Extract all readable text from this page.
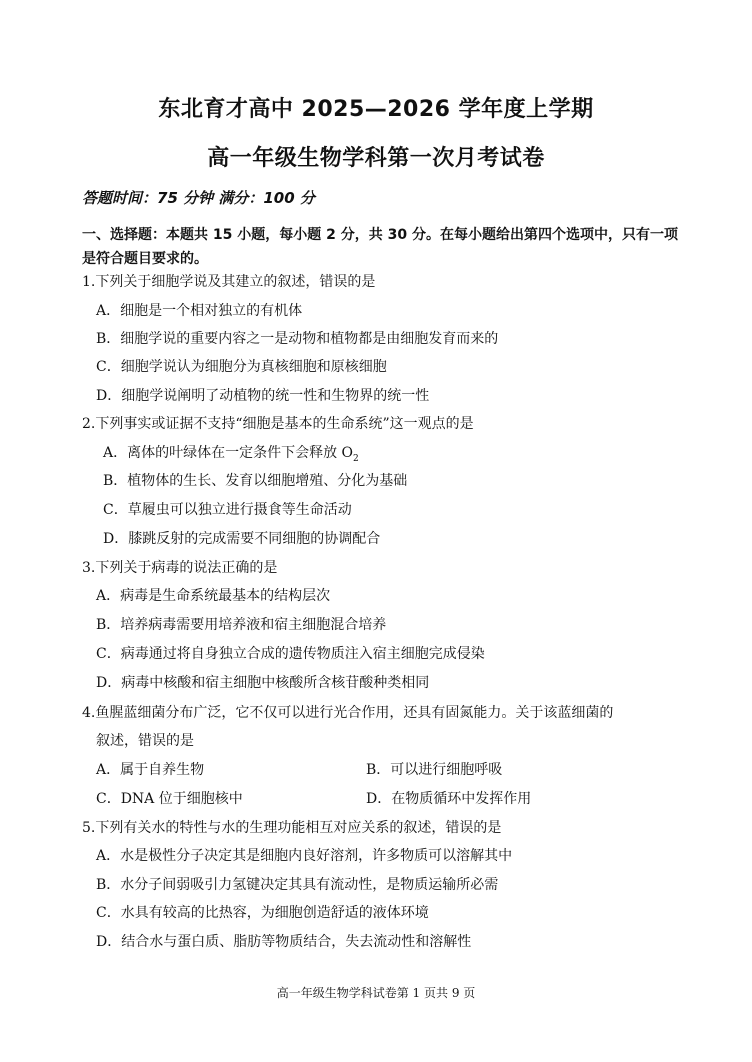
东北育才高中 2025—2026 学年度上学期
高一年级生物学科第一次月考试卷
答题时间：75 分钟 满分：100 分
一、选择题：本题共 15 小题，每小题 2 分，共 30 分。在每小题给出第四个选项中，只有一项是符合题目要求的。
1.下列关于细胞学说及其建立的叙述，错误的是
A．细胞是一个相对独立的有机体
B．细胞学说的重要内容之一是动物和植物都是由细胞发育而来的
C．细胞学说认为细胞分为真核细胞和原核细胞
D．细胞学说阐明了动植物的统一性和生物界的统一性
2.下列事实或证据不支持“细胞是基本的生命系统”这一观点的是
A．离体的叶绿体在一定条件下会释放 $O_2$
B．植物体的生长、发育以细胞增殖、分化为基础
C．草履虫可以独立进行摄食等生命活动
D．膝跳反射的完成需要不同细胞的协调配合
3.下列关于病毒的说法正确的是
A．病毒是生命系统最基本的结构层次
B．培养病毒需要用培养液和宿主细胞混合培养
C．病毒通过将自身独立合成的遗传物质注入宿主细胞完成侵染
D．病毒中核酸和宿主细胞中核酸所含核苷酸种类相同
4.鱼腥蓝细菌分布广泛，它不仅可以进行光合作用，还具有固氮能力。关于该蓝细菌的
叙述，错误的是
A．属于自养生物	B．可以进行细胞呼吸
C．DNA 位于细胞核中	D．在物质循环中发挥作用
5.下列有关水的特性与水的生理功能相互对应关系的叙述，错误的是
A．水是极性分子决定其是细胞内良好溶剂，许多物质可以溶解其中
B．水分子间弱吸引力氢键决定其具有流动性，是物质运输所必需
C．水具有较高的比热容，为细胞创造舒适的液体环境
D．结合水与蛋白质、脂肪等物质结合，失去流动性和溶解性
高一年级生物学科试卷第 1 页共 9 页
